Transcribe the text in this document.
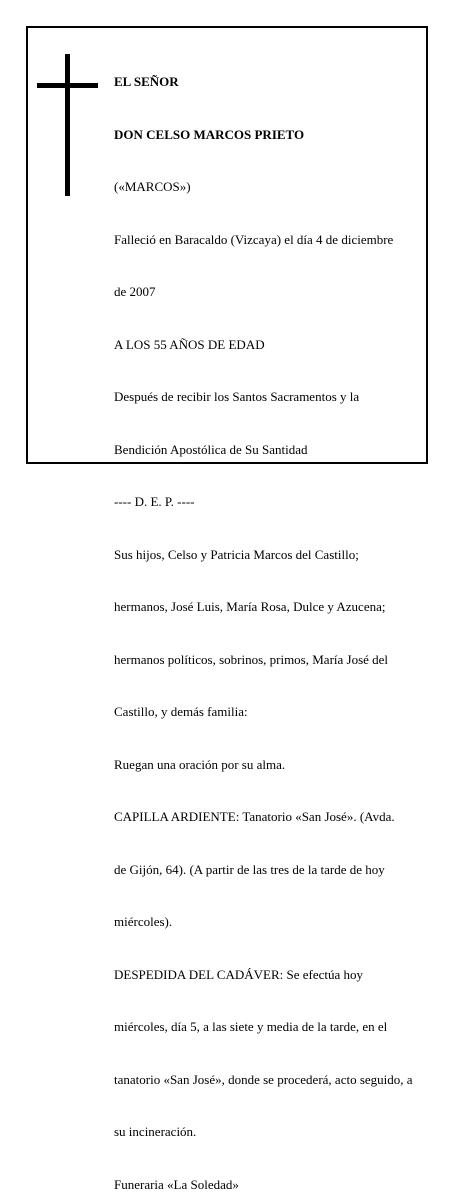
EL SEÑOR

DON CELSO MARCOS PRIETO

(«MARCOS»)

Falleció en Baracaldo (Vizcaya) el día 4 de diciembre

de 2007

A LOS 55 AÑOS DE EDAD

Después de recibir los Santos Sacramentos y la

Bendición Apostólica de Su Santidad

---- D. E. P. ----

Sus hijos, Celso y Patricia Marcos del Castillo;

hermanos, José Luis, María Rosa, Dulce y Azucena;

hermanos políticos, sobrinos, primos, María José del

Castillo, y demás familia:

Ruegan una oración por su alma.

CAPILLA ARDIENTE: Tanatorio «San José». (Avda.

de Gijón, 64). (A partir de las tres de la tarde de hoy

miércoles).

DESPEDIDA DEL CADÁVER: Se efectúa hoy

miércoles, día 5, a las siete y media de la tarde, en el

tanatorio «San José», donde se procederá, acto seguido, a

su incineración.

Funeraria «La Soledad»
